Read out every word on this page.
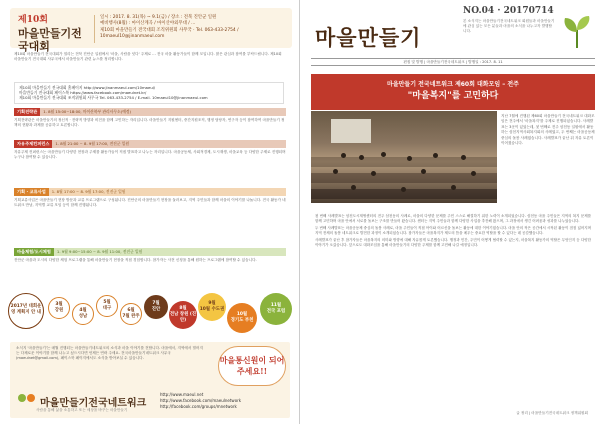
제10회
마을만들기전국대회
일시 : 2017. 8. 31(목) ~ 9.1(금) / 장소 : 전북 진안군 일원
예비행사(8월) : 마이산계곡 / 마이산야외무대 / ...
제10회 마을만들기 전국대회 조직위원회 사무국 · Tel. 063-433-2754 / 10maeul10@jinanmaeul.com
제10회 마을만들기 전국대회가 열리는 전북 진안군 일원에서 '마을, 사람을 잇다' 주제로 ... 전국 마을 활동가들이 함께 모입니다. 많은 관심과 참여를 부탁드립니다. 제10회 마을만들기 전국대회 사무국에서 마을만들기 관련 뉴스를 정리합니다.
제10회 마을만들기 전국대회 홈페이지 http://www.jinanmaeul.com/10maeul/
마을만들기 전국대회 페이스북 https://www.facebook.com/maeulnet.kr/
제10회 마을만들기 전국대회 조직위원회 사무국 Tel. 063-433-2754 / E-mail. 10maeul10@jinanmaeul.com
기획전략관	1. 8월 15:00~18:00, 마이산북부 관리사무소(예정)
기획전략관은 마을만들기의 정신적 · 전략적 방향과 비전을 함께 고민하는 자리입니다. 마을만들기 지원센터, 중간지원조직, 행정 담당자, 연구자 등이 참여하여 마을만들기 정책의 현황과 과제를 공유하고 토론합니다.
자유주제컨퍼런스	1. 8월 21:00 ~ 8. 9월 17:00, 전진군 일원
자유주제 컨퍼런스는 마을만들기 다양한 현장과 주제를 활동가들이 직접 발표하고 나누는 자리입니다. 마을공동체, 사회적경제, 도시재생, 마을교육 등 다양한 주제로 진행되며 누구나 참여할 수 있습니다.
기획 · 교류사업	1. 8월 17:00 ~ 8. 9월 17:00, 전진군 일원
기획교류사업은 마을만들기 현장 방문과 교류 프로그램으로 구성됩니다. 진안군의 마을만들기 현장을 둘러보고, 지역 주민들과 함께 마을의 이야기를 나눕니다. 전국 활동가 네트워크 만남, 지역별 교류 모임 등이 함께 진행됩니다.
마을체험/도시체험	1. 9월 9:00~15:00 ~ 8. 9월 11:00, 전진군 일원
진안군 마을과 도시의 다양한 체험 프로그램을 통해 마을만들기 현장을 직접 경험합니다. 참가자는 사전 신청을 통해 원하는 프로그램에 참여할 수 있습니다.
2017년 대회운영 계획지 안 내
3월
강원	4월
성남
5월
대구	6월
7월 완주
7월
진안	8월
전남 창원 (진안)
9월
10월 수도권
10월
경기도 부천
11월
전국 포럼
소식지 '마을만들기'는 매월 진행되는 마을만들기네트워크의 소식과 마을 이야기를 전합니다. 마을에서, 지역에서 벌어지는 다채로운 이야기를 함께 나누고 싶으시다면 언제든 연락 주세요. 전국마을만들기네트워크 사무국(maeulnet@gmail.com), 페이스북 페이지에서도 소식을 받아보실 수 있습니다.	마을통신원이 되어주세요!!
마을만들기전국네트워크
사람을 통해 삶을 소통하고 또는 세상을 바꾸는 마을만들기
http://www.maeul.net
http://www.facebook.com/maeulnetwork
http://facebook.com/groups/mnetwork
마을만들기
NO.04 · 20170714
본 소식지는 마을만들기전국네트워크 회원들과 마을만들기에 관심 있는 모든 분들과 마을의 소식을 나누고자 발행합니다.
편집 및 발행 | 마을만들기전국네트워크 | 발행일 : 2017. 8. 11
마을만들기 전국네트워크 제60회 대화모임 – 전주
"마을복지"를 고민하다
지난 7월에 진행된 제60회 마을만들기 전국네트워크 대화모임은 전주에서 '마을복지'를 주제로 진행되었습니다. 사례발표는 3곳이 있었는데, 첫 번째로 전주 삼천동 일원에서 활동하는 삼천지역사회복지회의 사례였고, 두 번째는 마을공동체 중심의 돌봄 사례였습니다. 사례발표가 끝난 뒤 자유 토론이 이어졌습니다.

첫 번째 사례발표는 삼천도시재생센터의 전주 삼천동의 사례로, 마을의 다양한 문제를 주민 스스로 해결하기 위한 노력이 소개되었습니다. 삼천동 마을 주민들은 지역의 복지 문제를 함께 고민하며 마을 안에서 서로를 돌보는 구조를 만들어 왔습니다. 센터는 지역 주민들과 함께 다양한 사업을 추진해 왔으며, 그 과정에서 생긴 어려움과 성과를 나누었습니다.

두 번째 사례발표는 마을공동체 중심의 돌봄 사례로, 마을 주민들이 직접 아이와 어르신을 돌보는 활동에 대한 이야기였습니다. 마을 안의 작은 공간에서 시작된 활동이 점점 넓어지며 지역 전체의 돌봄 네트워크로 발전한 과정이 소개되었습니다. 참가자들은 마을복지가 제도의 틈을 메우는 중요한 역할을 할 수 있다는 데 공감했습니다.

사례발표가 끝난 후 참가자들은 마을복지의 의미와 방향에 대해 자유롭게 토론했습니다. 행정과 민간, 주민이 어떻게 협력할 수 있는지, 마을복지 활동가의 역할은 무엇인지 등 다양한 이야기가 오갔습니다. 앞으로도 대화모임을 통해 마을만들기의 다양한 주제를 함께 고민해 나갈 예정입니다.

글 정리 | 마을만들기전국네트워크 정책위원회
